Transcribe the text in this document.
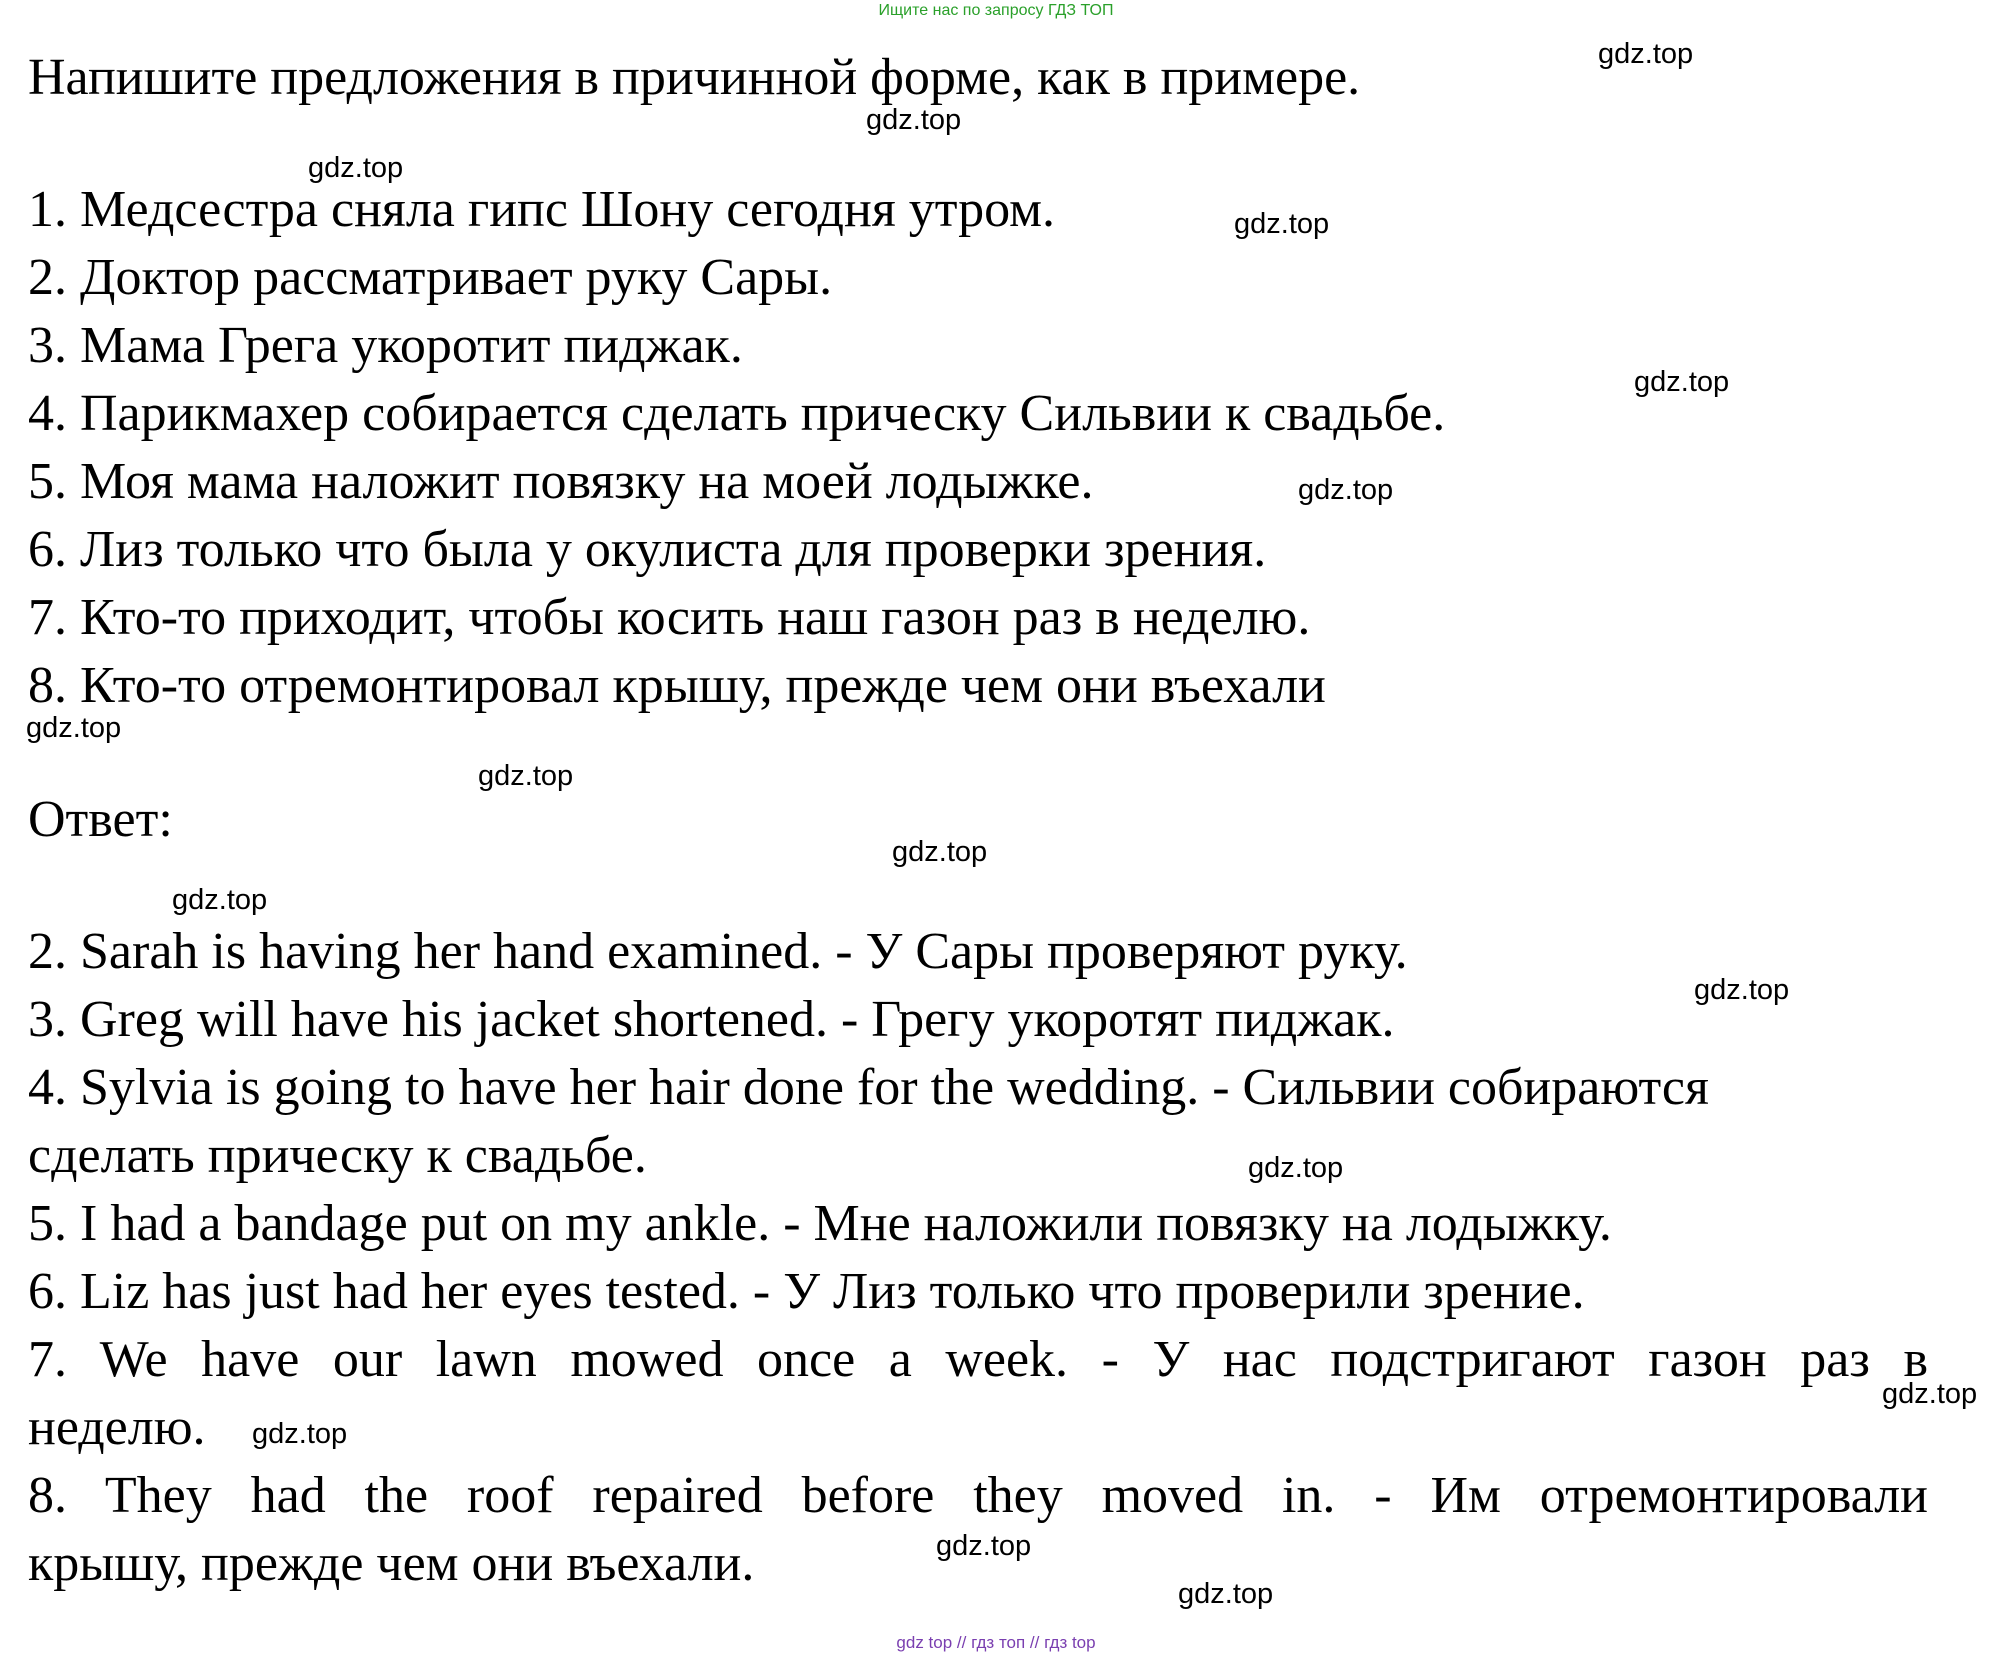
Ищите нас по запросу ГДЗ ТОП
Напишите предложения в причинной форме, как в примере.
1. Медсестра сняла гипс Шону сегодня утром.
2. Доктор рассматривает руку Сары.
3. Мама Грега укоротит пиджак.
4. Парикмахер собирается сделать прическу Сильвии к свадьбе.
5. Моя мама наложит повязку на моей лодыжке.
6. Лиз только что была у окулиста для проверки зрения.
7. Кто-то приходит, чтобы косить наш газон раз в неделю.
8. Кто-то отремонтировал крышу, прежде чем они въехали
Ответ:
2. Sarah is having her hand examined. - У Сары проверяют руку.
3. Greg will have his jacket shortened. - Грегу укоротят пиджак.
4. Sylvia is going to have her hair done for the wedding. - Сильвии собираются
сделать прическу к свадьбе.
5. I had a bandage put on my ankle. - Мне наложили повязку на лодыжку.
6. Liz has just had her eyes tested. - У Лиз только что проверили зрение.
7. We have our lawn mowed once a week. - У нас подстригают газон раз в
неделю.
8. They had the roof repaired before they moved in. - Им отремонтировали
крышу, прежде чем они въехали.
gdz.top
gdz.top
gdz.top
gdz.top
gdz.top
gdz.top
gdz.top
gdz.top
gdz.top
gdz.top
gdz.top
gdz.top
gdz.top
gdz.top
gdz.top
gdz.top
gdz top // гдз топ // гдз top
